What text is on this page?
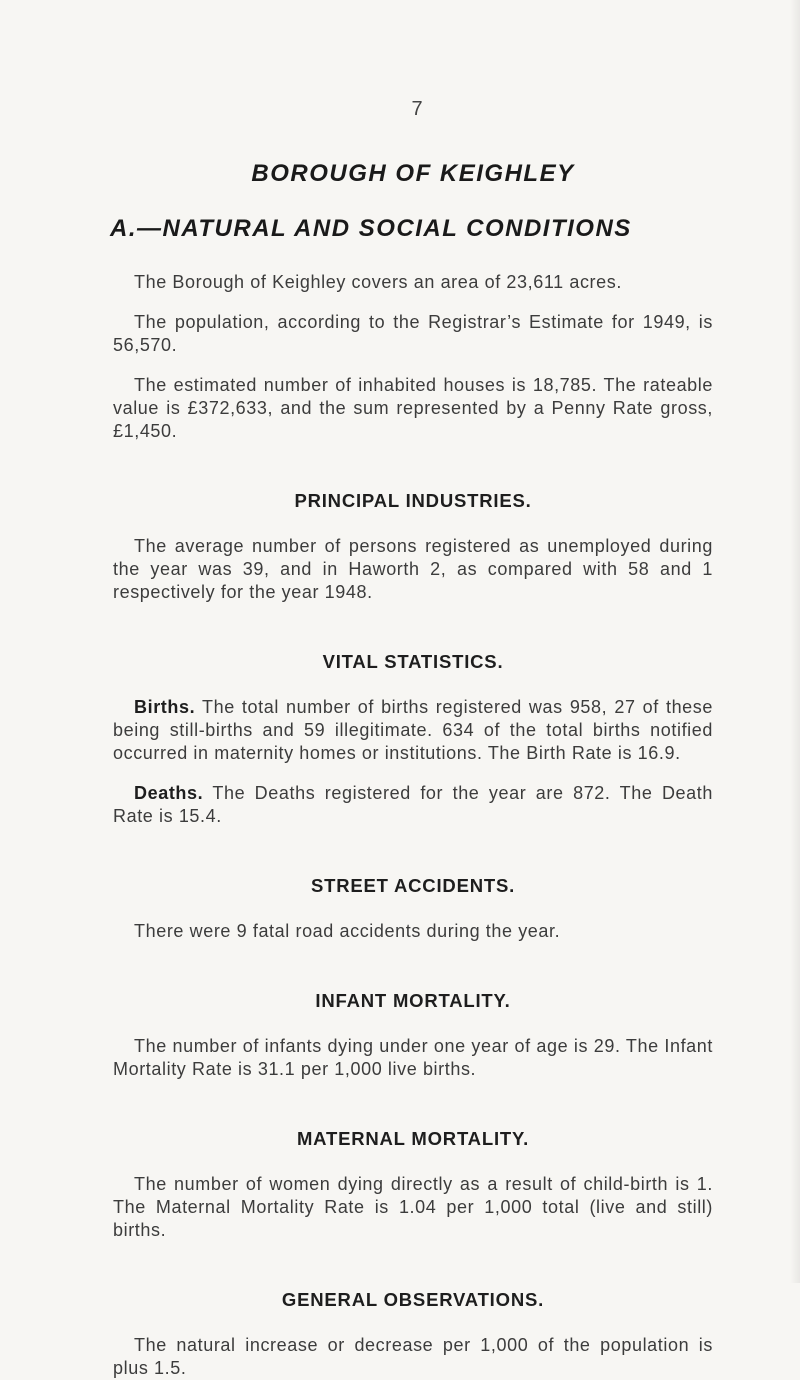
7
BOROUGH OF KEIGHLEY
A.—NATURAL AND SOCIAL CONDITIONS

The Borough of Keighley covers an area of 23,611 acres.

The population, according to the Registrar’s Estimate for 1949, is 56,570.

The estimated number of inhabited houses is 18,785. The rateable value is £372,633, and the sum represented by a Penny Rate gross, £1,450.

PRINCIPAL INDUSTRIES.

The average number of persons registered as unemployed during the year was 39, and in Haworth 2, as compared with 58 and 1 respectively for the year 1948.

VITAL STATISTICS.

Births. The total number of births registered was 958, 27 of these being still-births and 59 illegitimate. 634 of the total births notified occurred in maternity homes or institutions. The Birth Rate is 16.9.

Deaths. The Deaths registered for the year are 872. The Death Rate is 15.4.

STREET ACCIDENTS.

There were 9 fatal road accidents during the year.

INFANT MORTALITY.

The number of infants dying under one year of age is 29. The Infant Mortality Rate is 31.1 per 1,000 live births.

MATERNAL MORTALITY.

The number of women dying directly as a result of child-birth is 1. The Maternal Mortality Rate is 1.04 per 1,000 total (live and still) births.

GENERAL OBSERVATIONS.

The natural increase or decrease per 1,000 of the population is plus 1.5.
